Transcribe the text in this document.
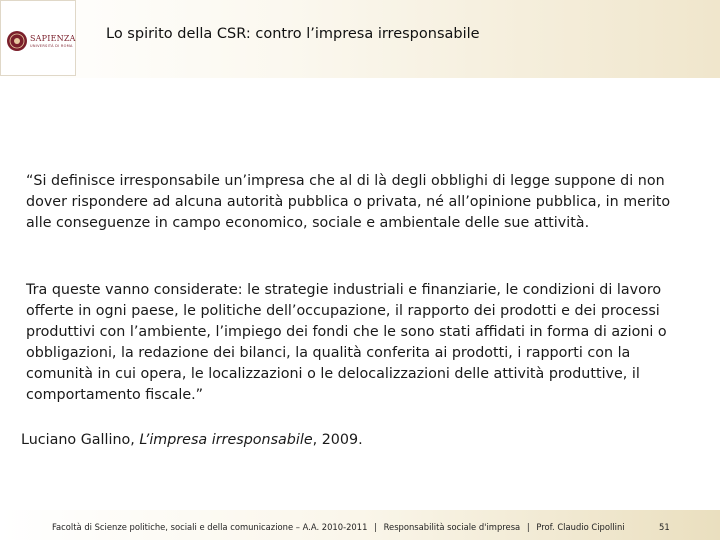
SAPIENZA
UNIVERSITÀ DI ROMA
Lo spirito della CSR: contro l’impresa irresponsabile
“Si definisce irresponsabile un’impresa che al di là degli obblighi di legge suppone di non dover rispondere ad alcuna autorità pubblica o privata, né all’opinione pubblica, in merito alle conseguenze in campo economico, sociale e ambientale delle sue attività.
Tra queste vanno considerate: le strategie industriali e finanziarie, le condizioni di lavoro offerte in ogni paese, le politiche dell’occupazione, il rapporto dei prodotti e dei processi produttivi con l’ambiente, l’impiego dei fondi che le sono stati affidati in forma di azioni o obbligazioni, la redazione dei bilanci, la qualità conferita ai prodotti, i rapporti con la comunità in cui opera, le localizzazioni o le delocalizzazioni delle attività produttive, il comportamento fiscale.”
Luciano Gallino, L’impresa irresponsabile, 2009.
Facoltà di Scienze politiche, sociali e della comunicazione – A.A. 2010-2011 | Responsabilità sociale d'impresa | Prof. Claudio Cipollini	51
